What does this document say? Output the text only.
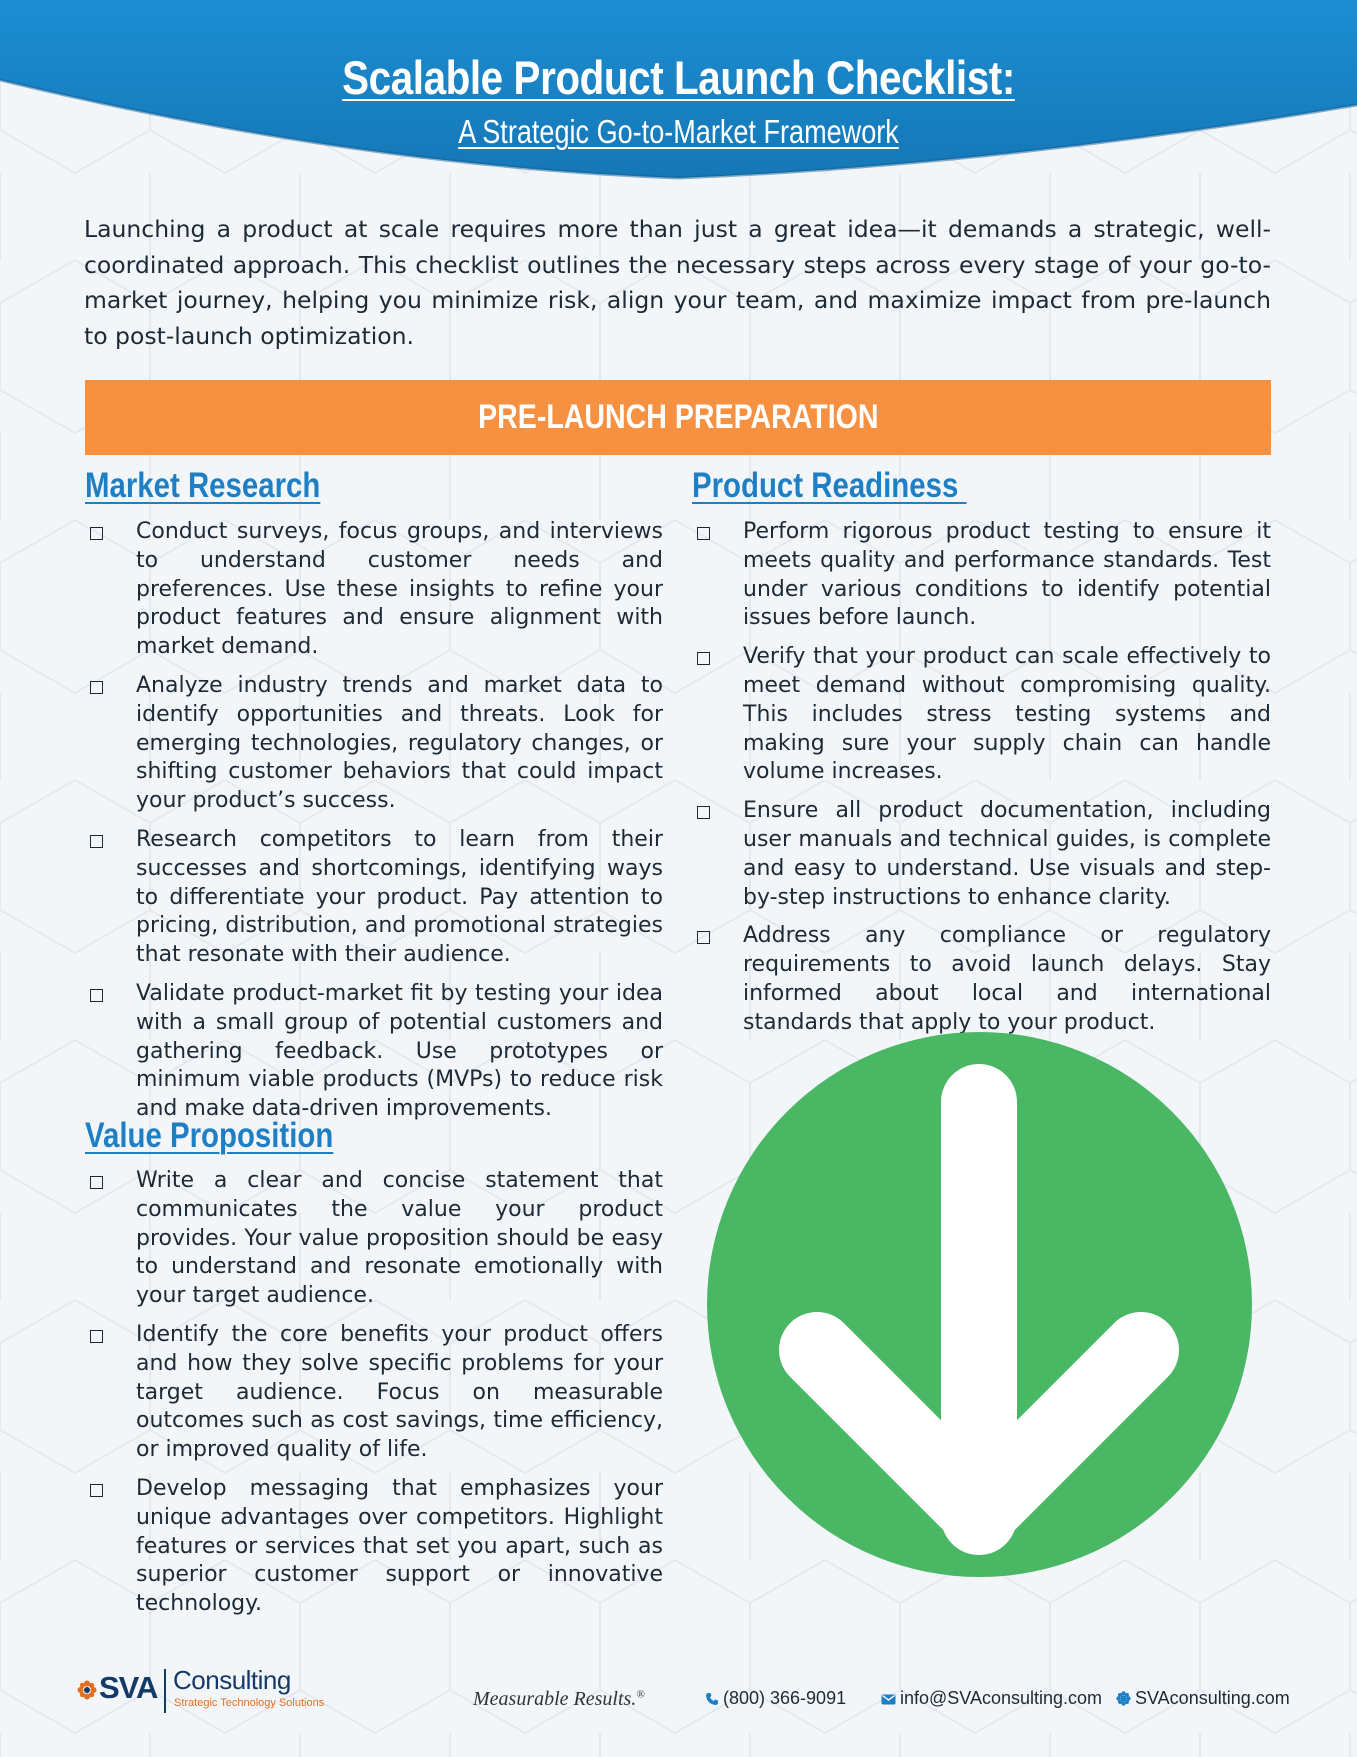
Scalable Product Launch Checklist:
A Strategic Go-to-Market Framework

Launching a product at scale requires more than just a great idea—it demands a strategic, well-coordinated approach. This checklist outlines the necessary steps across every stage of your go-to-market journey, helping you minimize risk, align your team, and maximize impact from pre-launch to post-launch optimization.

PRE-LAUNCH PREPARATION
Market Research
Conduct surveys, focus groups, and interviews to understand customer needs and preferences. Use these insights to refine your product features and ensure alignment with market demand.
Analyze industry trends and market data to identify opportunities and threats. Look for emerging technologies, regulatory changes, or shifting customer behaviors that could impact your product’s success.
Research competitors to learn from their successes and shortcomings, identifying ways to differentiate your product. Pay attention to pricing, distribution, and promotional strategies that resonate with their audience.
Validate product-market fit by testing your idea with a small group of potential customers and gathering feedback. Use prototypes or minimum viable products (MVPs) to reduce risk and make data-driven improvements.
Value Proposition
Write a clear and concise statement that communicates the value your product provides. Your value proposition should be easy to understand and resonate emotionally with your target audience.
Identify the core benefits your product offers and how they solve specific problems for your target audience. Focus on measurable outcomes such as cost savings, time efficiency, or improved quality of life.
Develop messaging that emphasizes your unique advantages over competitors. Highlight features or services that set you apart, such as superior customer support or innovative technology.
Product Readiness
Perform rigorous product testing to ensure it meets quality and performance standards. Test under various conditions to identify potential issues before launch.
Verify that your product can scale effectively to meet demand without compromising quality. This includes stress testing systems and making sure your supply chain can handle volume increases.
Ensure all product documentation, including user manuals and technical guides, is complete and easy to understand. Use visuals and step-by-step instructions to enhance clarity.
Address any compliance or regulatory requirements to avoid launch delays. Stay informed about local and international standards that apply to your product.
SVA Consulting
Strategic Technology Solutions	Measurable Results.®	(800) 366-9091	info@SVAconsulting.com SVAconsulting.com
